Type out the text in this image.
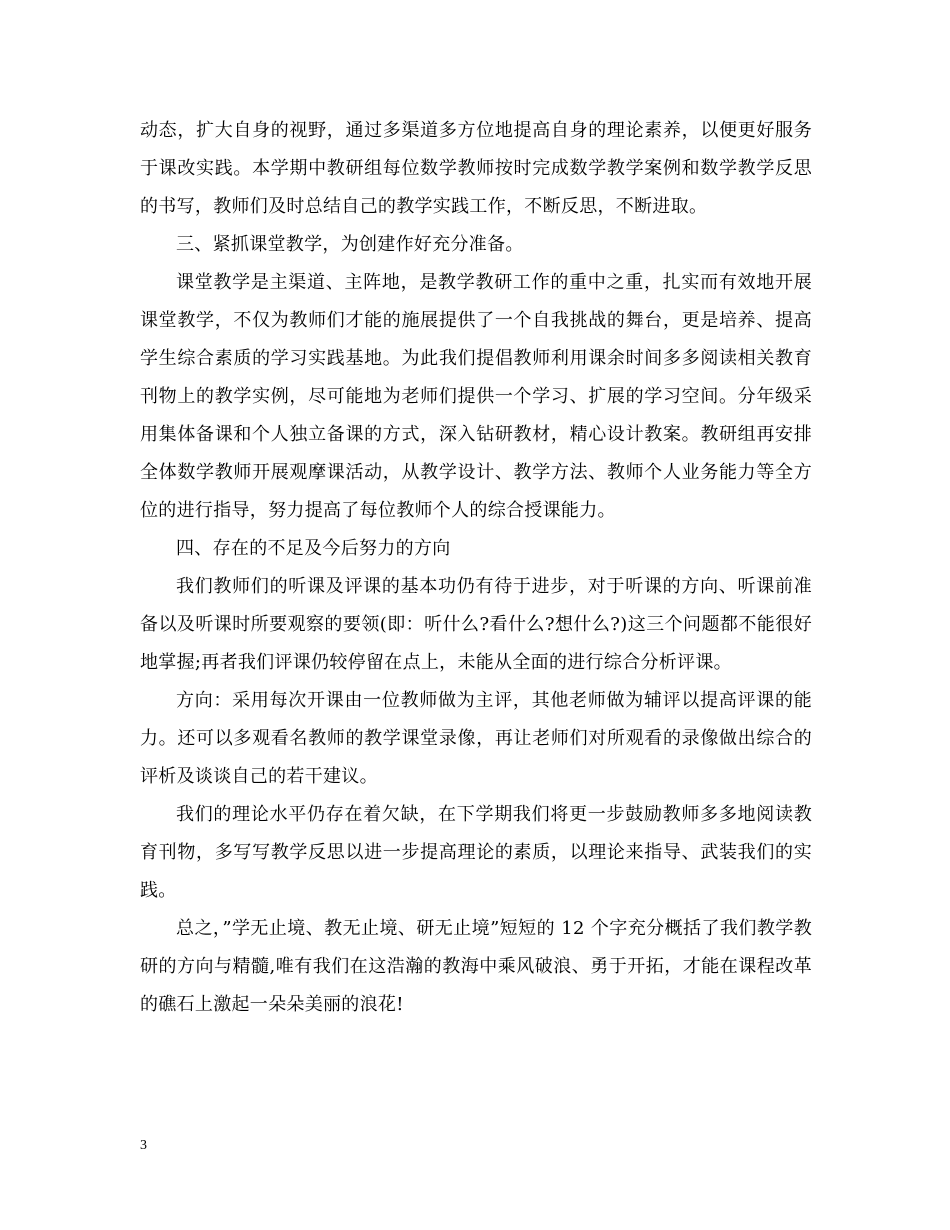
动态，扩大自身的视野，通过多渠道多方位地提高自身的理论素养，以便更好服务于课改实践。本学期中教研组每位数学教师按时完成数学教学案例和数学教学反思的书写，教师们及时总结自己的教学实践工作，不断反思，不断进取。

三、紧抓课堂教学，为创建作好充分准备。

课堂教学是主渠道、主阵地，是教学教研工作的重中之重，扎实而有效地开展课堂教学，不仅为教师们才能的施展提供了一个自我挑战的舞台，更是培养、提高学生综合素质的学习实践基地。为此我们提倡教师利用课余时间多多阅读相关教育刊物上的教学实例，尽可能地为老师们提供一个学习、扩展的学习空间。分年级采用集体备课和个人独立备课的方式，深入钻研教材，精心设计教案。教研组再安排全体数学教师开展观摩课活动，从教学设计、教学方法、教师个人业务能力等全方位的进行指导，努力提高了每位教师个人的综合授课能力。

四、存在的不足及今后努力的方向

我们教师们的听课及评课的基本功仍有待于进步，对于听课的方向、听课前准备以及听课时所要观察的要领(即：听什么?看什么?想什么?)这三个问题都不能很好地掌握;再者我们评课仍较停留在点上，未能从全面的进行综合分析评课。

方向：采用每次开课由一位教师做为主评，其他老师做为辅评以提高评课的能力。还可以多观看名教师的教学课堂录像，再让老师们对所观看的录像做出综合的评析及谈谈自己的若干建议。

我们的理论水平仍存在着欠缺，在下学期我们将更一步鼓励教师多多地阅读教育刊物，多写写教学反思以进一步提高理论的素质，以理论来指导、武装我们的实践。

总之，”学无止境、教无止境、研无止境”短短的 12 个字充分概括了我们教学教研的方向与精髓,唯有我们在这浩瀚的教海中乘风破浪、勇于开拓，才能在课程改革的礁石上激起一朵朵美丽的浪花!

3
